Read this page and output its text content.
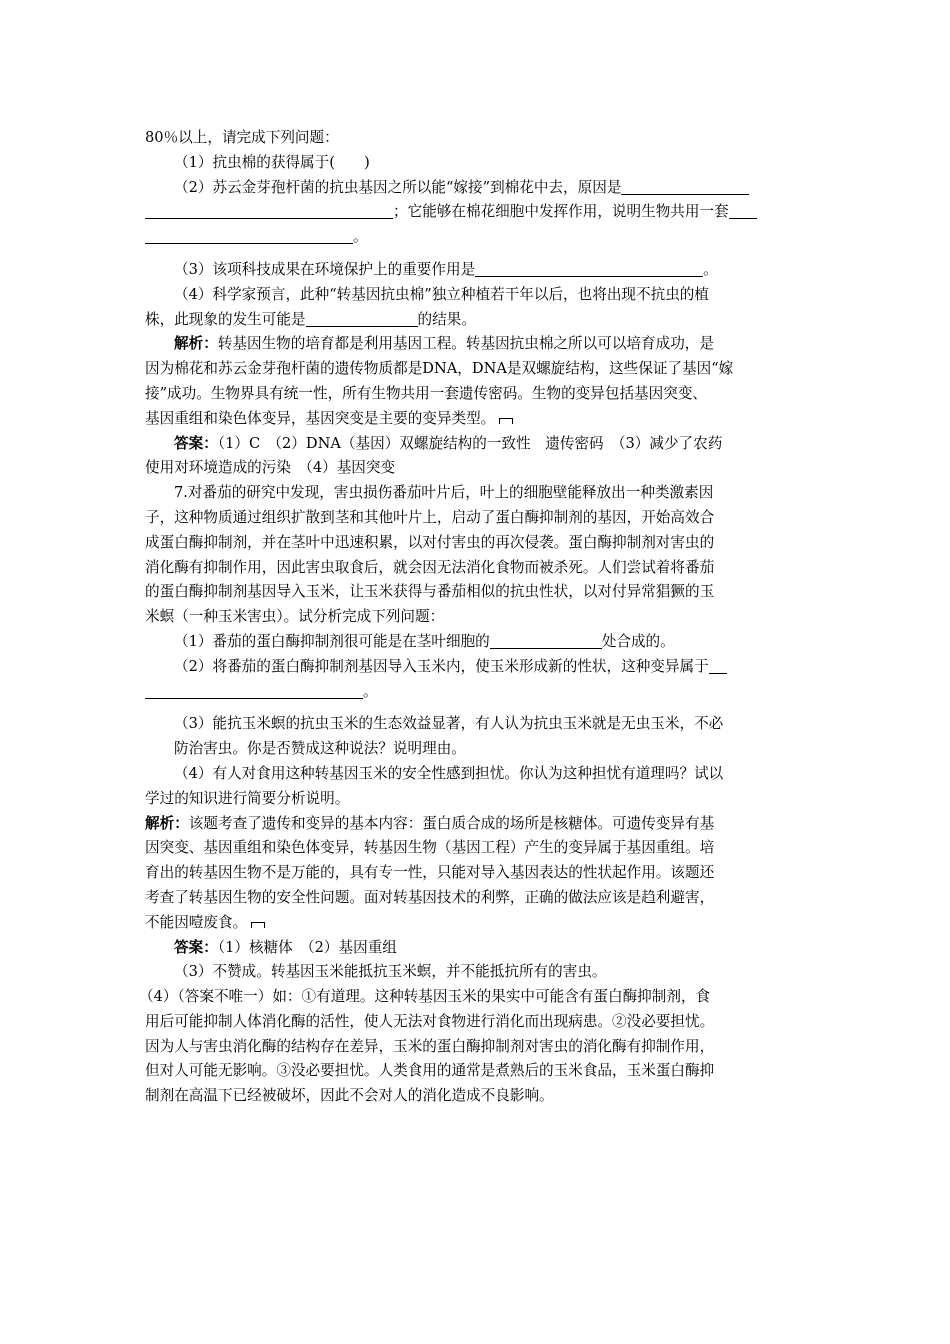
80％以上，请完成下列问题：
（1）抗虫棉的获得属于(　　)
（2）苏云金芽孢杆菌的抗虫基因之所以能“嫁接”到棉花中去，原因是
；它能够在棉花细胞中发挥作用，说明生物共用一套
。
（3）该项科技成果在环境保护上的重要作用是	。
（4）科学家预言，此种“转基因抗虫棉”独立种植若干年以后，也将出现不抗虫的植
株，此现象的发生可能是	的结果。
解析：转基因生物的培育都是利用基因工程。转基因抗虫棉之所以可以培育成功，是
因为棉花和苏云金芽孢杆菌的遗传物质都是DNA，DNA是双螺旋结构，这些保证了基因“嫁
接”成功。生物界具有统一性，所有生物共用一套遗传密码。生物的变异包括基因突变、
基因重组和染色体变异，基因突变是主要的变异类型。
答案：（1）C　（2）DNA（基因）双螺旋结构的一致性　遗传密码　（3）减少了农药
使用对环境造成的污染　（4）基因突变
7.对番茄的研究中发现，害虫损伤番茄叶片后，叶上的细胞壁能释放出一种类激素因
子，这种物质通过组织扩散到茎和其他叶片上，启动了蛋白酶抑制剂的基因，开始高效合
成蛋白酶抑制剂，并在茎叶中迅速积累，以对付害虫的再次侵袭。蛋白酶抑制剂对害虫的
消化酶有抑制作用，因此害虫取食后，就会因无法消化食物而被杀死。人们尝试着将番茄
的蛋白酶抑制剂基因导入玉米，让玉米获得与番茄相似的抗虫性状，以对付异常猖獗的玉
米螟（一种玉米害虫）。试分析完成下列问题：
（1）番茄的蛋白酶抑制剂很可能是在茎叶细胞的	处合成的。
（2）将番茄的蛋白酶抑制剂基因导入玉米内，使玉米形成新的性状，这种变异属于
。
（3）能抗玉米螟的抗虫玉米的生态效益显著，有人认为抗虫玉米就是无虫玉米，不必
防治害虫。你是否赞成这种说法？说明理由。
（4）有人对食用这种转基因玉米的安全性感到担忧。你认为这种担忧有道理吗？试以
学过的知识进行简要分析说明。
解析：该题考查了遗传和变异的基本内容：蛋白质合成的场所是核糖体。可遗传变异有基
因突变、基因重组和染色体变异，转基因生物（基因工程）产生的变异属于基因重组。培
育出的转基因生物不是万能的，具有专一性，只能对导入基因表达的性状起作用。该题还
考查了转基因生物的安全性问题。面对转基因技术的利弊，正确的做法应该是趋利避害，
不能因噎废食。
答案：（1）核糖体　（2）基因重组
（3）不赞成。转基因玉米能抵抗玉米螟，并不能抵抗所有的害虫。
（4）（答案不唯一）如：①有道理。这种转基因玉米的果实中可能含有蛋白酶抑制剂，食
用后可能抑制人体消化酶的活性，使人无法对食物进行消化而出现病患。②没必要担忧。
因为人与害虫消化酶的结构存在差异，玉米的蛋白酶抑制剂对害虫的消化酶有抑制作用，
但对人可能无影响。③没必要担忧。人类食用的通常是煮熟后的玉米食品，玉米蛋白酶抑
制剂在高温下已经被破坏，因此不会对人的消化造成不良影响。
